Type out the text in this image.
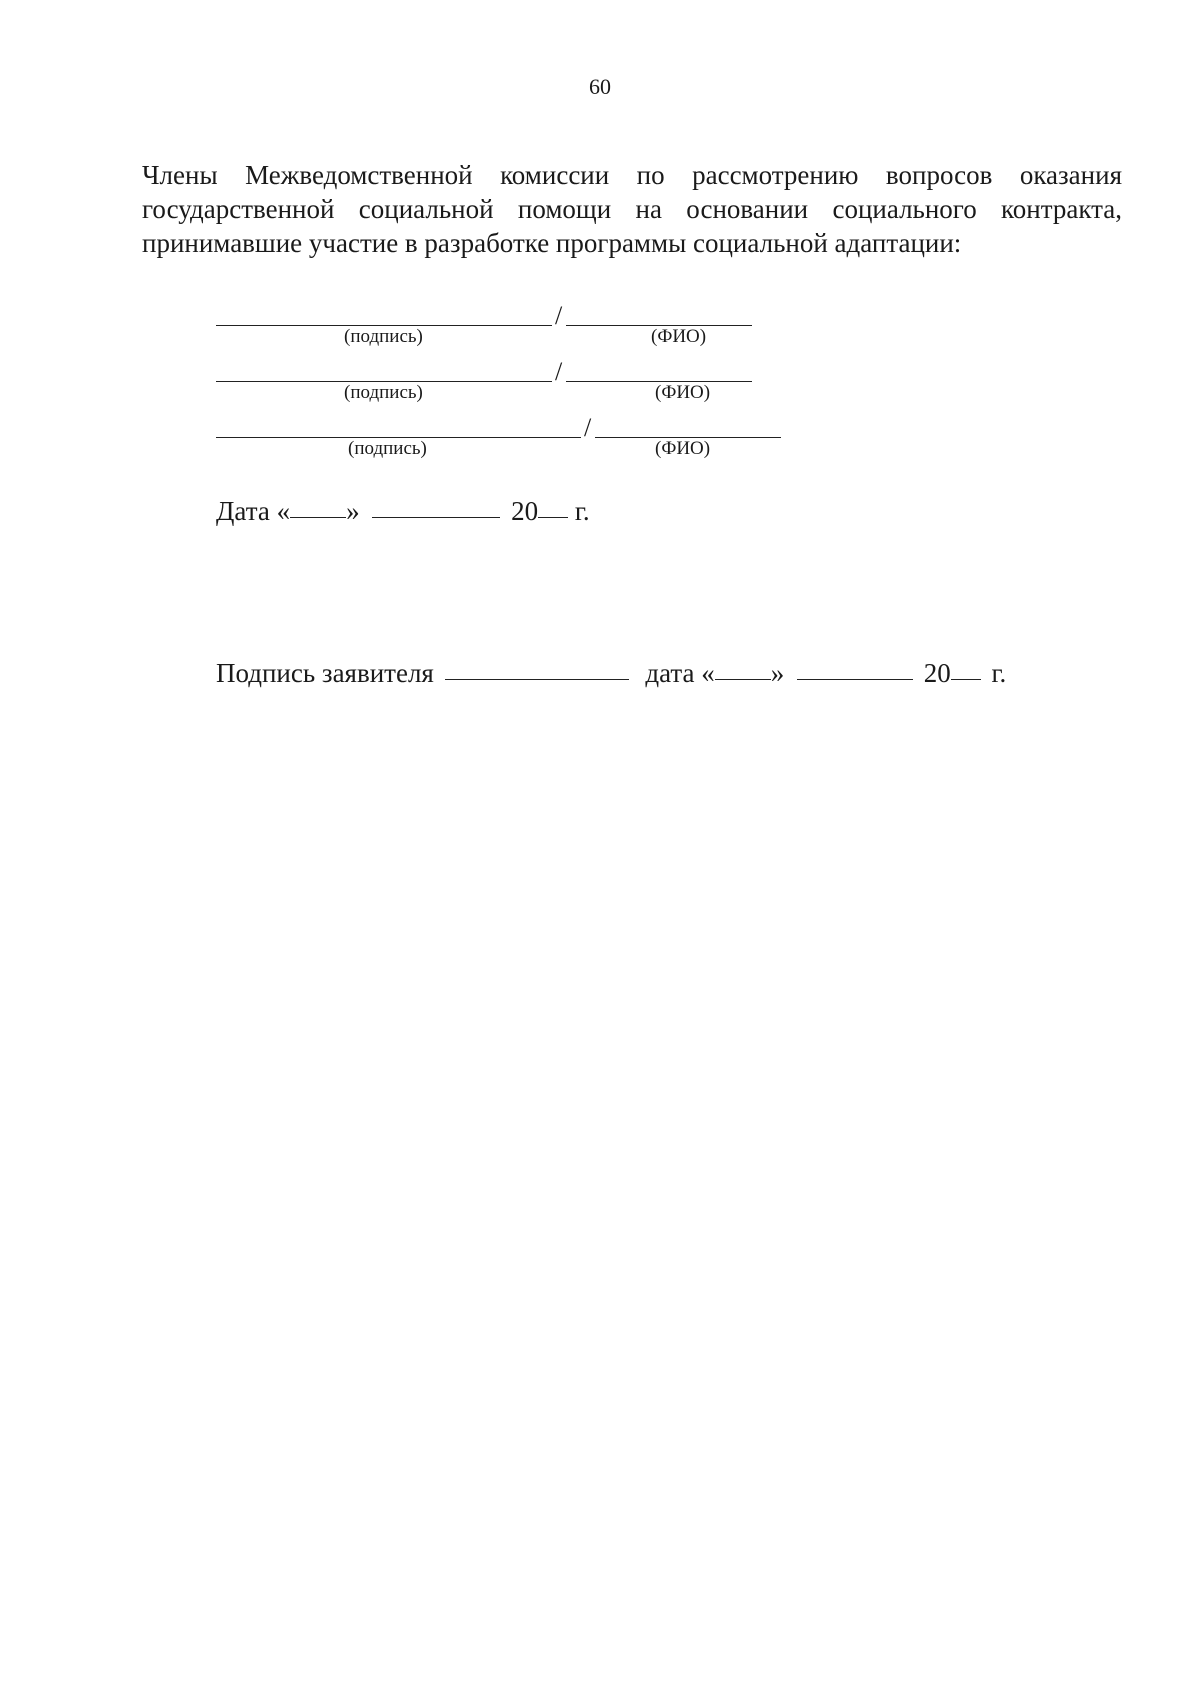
60

Члены Межведомственной комиссии по рассмотрению вопросов оказания государственной социальной помощи на основании социального контракта, принимавшие участие в разработке программы социальной адаптации:

/
(подпись)	(ФИО)
/
(подпись)	(ФИО)
/
(подпись)	(ФИО)
Дата « »	20 г.
Подпись заявителя	дата « »	20 г.
